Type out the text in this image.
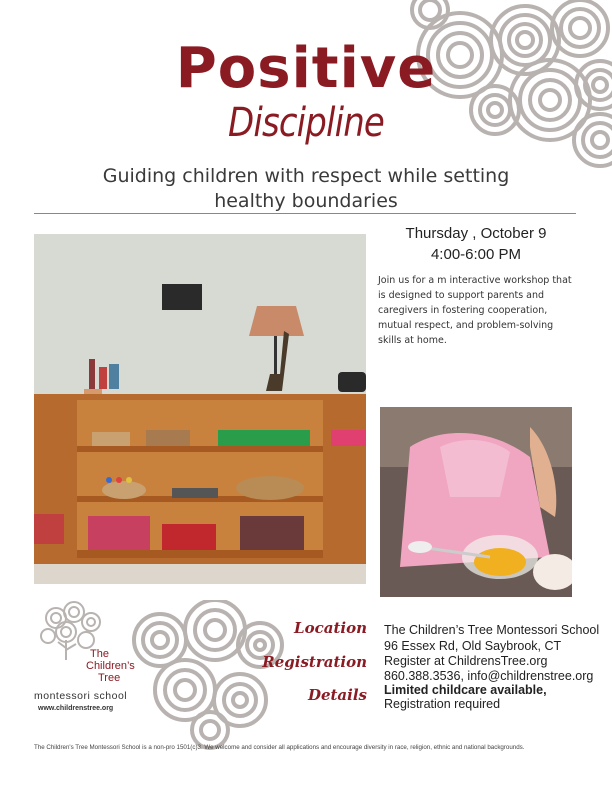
Positive
Discipline
Guiding children with respect while setting
healthy boundaries
Thursday , October 9
4:00-6:00 PM
Join us for a m interactive workshop that is designed to support parents and caregivers in fostering cooperation, mutual respect, and problem-solving skills at home.
The
Children’s
Tree
montessori school
www.childrenstree.org
Location
Registration
Details
The Children’s Tree Montessori School
96 Essex Rd, Old Saybrook, CT
Register at ChildrensTree.org
860.388.3536, info@childrenstree.org
Limited childcare available,
Registration required
The Children's Tree Montessori School is a non-pro 1501(c)3. We welcome and consider all applications and encourage diversity in race, religion, ethnic and national backgrounds.
